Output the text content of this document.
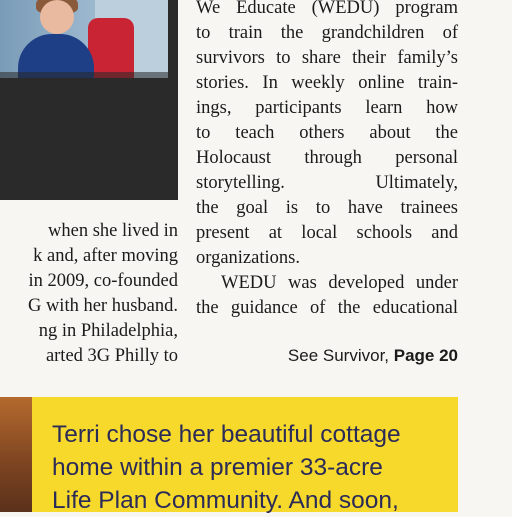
when she lived in
k and, after moving
in 2009, co-founded
G with her husband.
ng in Philadelphia,
arted 3G Philly to
We Educate (WEDU) program
to train the grandchildren of
survivors to share their family’s
stories. In weekly online train-
ings, participants learn how
to teach others about the
Holocaust through personal
storytelling.     Ultimately,
the goal is to have trainees
present at local schools and
organizations.
WEDU was developed under
the guidance of the educational
See Survivor, Page 20
Terri chose her beautiful cottage
home within a premier 33-acre
Life Plan Community. And soon,
